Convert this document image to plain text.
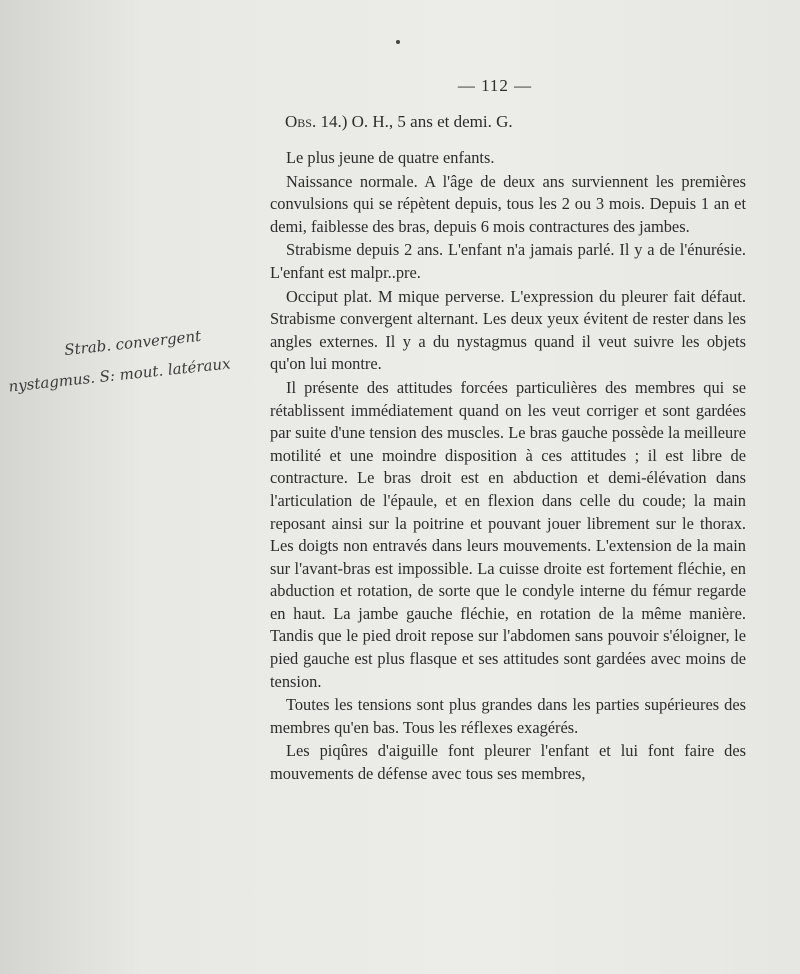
— 112 —
Obs. 14.) O. H., 5 ans et demi. G.

Le plus jeune de quatre enfants.

Naissance normale. A l'âge de deux ans surviennent les premières convulsions qui se répètent depuis, tous les 2 ou 3 mois. Depuis 1 an et demi, faiblesse des bras, depuis 6 mois contractures des jambes.

Strabisme depuis 2 ans. L'enfant n'a jamais parlé. Il y a de l'énurésie. L'enfant est malpr..pre.

Occiput plat. M mique perverse. L'expression du pleurer fait défaut. Strabisme convergent alternant. Les deux yeux évitent de rester dans les angles externes. Il y a du nystagmus quand il veut suivre les objets qu'on lui montre.

Il présente des attitudes forcées particulières des membres qui se rétablissent immédiatement quand on les veut corriger et sont gardées par suite d'une tension des muscles. Le bras gauche possède la meilleure motilité et une moindre disposition à ces attitudes ; il est libre de contracture. Le bras droit est en abduction et demi-élévation dans l'articulation de l'épaule, et en flexion dans celle du coude; la main reposant ainsi sur la poitrine et pouvant jouer librement sur le thorax. Les doigts non entravés dans leurs mouvements. L'extension de la main sur l'avant-bras est impossible. La cuisse droite est fortement fléchie, en abduction et rotation, de sorte que le condyle interne du fémur regarde en haut. La jambe gauche fléchie, en rotation de la même manière. Tandis que le pied droit repose sur l'abdomen sans pouvoir s'éloigner, le pied gauche est plus flasque et ses attitudes sont gardées avec moins de tension.

Toutes les tensions sont plus grandes dans les parties supérieures des membres qu'en bas. Tous les réflexes exagérés.

Les piqûres d'aiguille font pleurer l'enfant et lui font faire des mouvements de défense avec tous ses membres,

Strab. convergent
nystagmus. S: mout. latéraux
